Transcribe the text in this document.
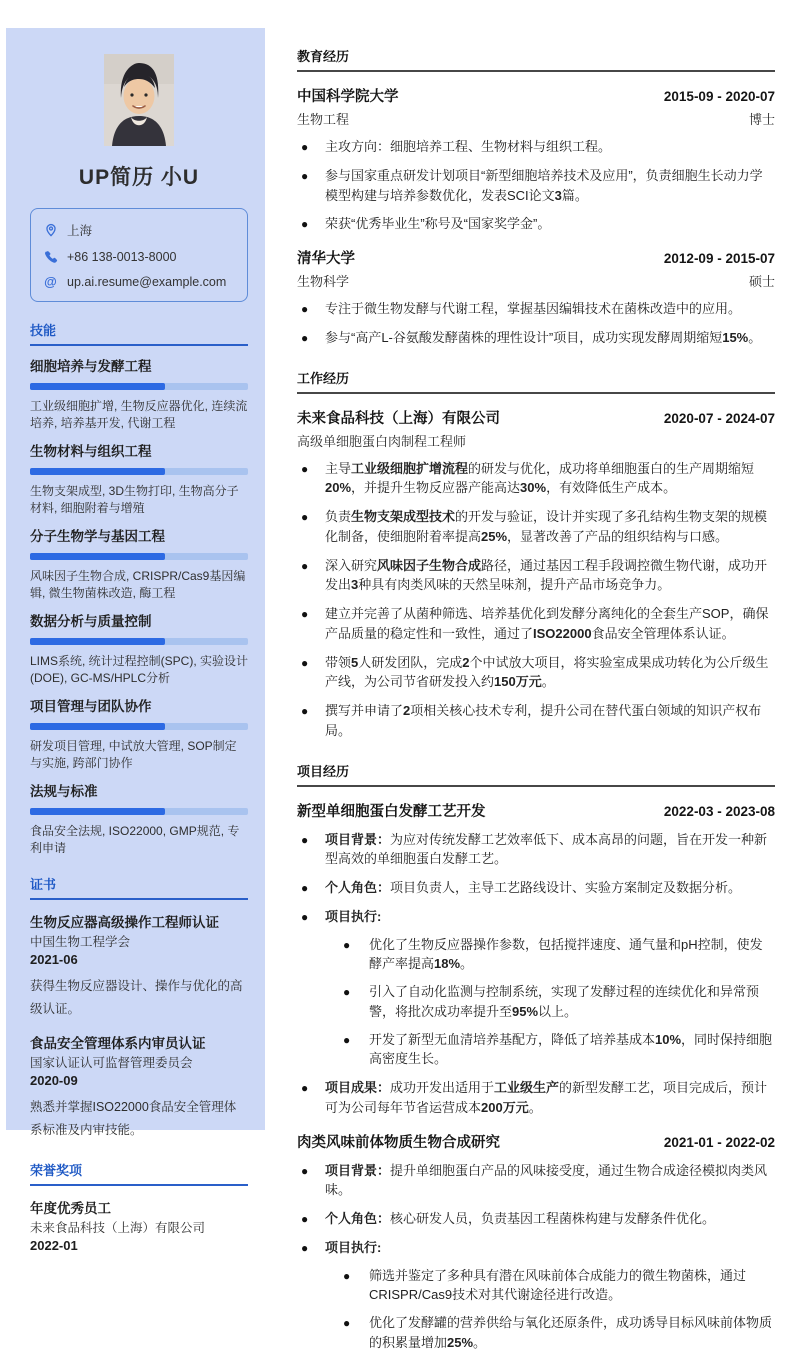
UP简历 小U
上海
+86 138-0013-8000
@ up.ai.resume@example.com
技能
细胞培养与发酵工程
工业级细胞扩增, 生物反应器优化, 连续流培养, 培养基开发, 代谢工程
生物材料与组织工程
生物支架成型, 3D生物打印, 生物高分子材料, 细胞附着与增殖
分子生物学与基因工程
风味因子生物合成, CRISPR/Cas9基因编辑, 微生物菌株改造, 酶工程
数据分析与质量控制
LIMS系统, 统计过程控制(SPC), 实验设计(DOE), GC-MS/HPLC分析
项目管理与团队协作
研发项目管理, 中试放大管理, SOP制定与实施, 跨部门协作
法规与标准
食品安全法规, ISO22000, GMP规范, 专利申请
证书
生物反应器高级操作工程师认证
中国生物工程学会
2021-06
获得生物反应器设计、操作与优化的高级认证。
食品安全管理体系内审员认证
国家认证认可监督管理委员会
2020-09
熟悉并掌握ISO22000食品安全管理体系标准及内审技能。
荣誉奖项
年度优秀员工
未来食品科技（上海）有限公司
2022-01
教育经历
中国科学院大学	2015-09 - 2020-07
生物工程	博士
●	主攻方向：细胞培养工程、生物材料与组织工程。
●	参与国家重点研发计划项目“新型细胞培养技术及应用”，负责细胞生长动力学模型构建与培养参数优化，发表SCI论文3篇。
●	荣获“优秀毕业生”称号及“国家奖学金”。
清华大学	2012-09 - 2015-07
生物科学	硕士
●	专注于微生物发酵与代谢工程，掌握基因编辑技术在菌株改造中的应用。
●	参与“高产L-谷氨酸发酵菌株的理性设计”项目，成功实现发酵周期缩短15%。
工作经历
未来食品科技（上海）有限公司	2020-07 - 2024-07
高级单细胞蛋白肉制程工程师
●	主导工业级细胞扩增流程的研发与优化，成功将单细胞蛋白的生产周期缩短20%，并提升生物反应器产能高达30%，有效降低生产成本。
●	负责生物支架成型技术的开发与验证，设计并实现了多孔结构生物支架的规模化制备，使细胞附着率提高25%，显著改善了产品的组织结构与口感。
●	深入研究风味因子生物合成路径，通过基因工程手段调控微生物代谢，成功开发出3种具有肉类风味的天然呈味剂，提升产品市场竞争力。
●	建立并完善了从菌种筛选、培养基优化到发酵分离纯化的全套生产SOP，确保产品质量的稳定性和一致性，通过了ISO22000食品安全管理体系认证。
●	带领5人研发团队，完成2个中试放大项目，将实验室成果成功转化为公斤级生产线，为公司节省研发投入约150万元。
●	撰写并申请了2项相关核心技术专利，提升公司在替代蛋白领域的知识产权布局。
项目经历
新型单细胞蛋白发酵工艺开发	2022-03 - 2023-08
●	项目背景：为应对传统发酵工艺效率低下、成本高昂的问题，旨在开发一种新型高效的单细胞蛋白发酵工艺。
●	个人角色：项目负责人，主导工艺路线设计、实验方案制定及数据分析。
●	项目执行:
●	优化了生物反应器操作参数，包括搅拌速度、通气量和pH控制，使发酵产率提高18%。
●	引入了自动化监测与控制系统，实现了发酵过程的连续优化和异常预警，将批次成功率提升至95%以上。
●	开发了新型无血清培养基配方，降低了培养基成本10%，同时保持细胞高密度生长。
●	项目成果：成功开发出适用于工业级生产的新型发酵工艺，项目完成后，预计可为公司每年节省运营成本200万元。
肉类风味前体物质生物合成研究	2021-01 - 2022-02
●	项目背景：提升单细胞蛋白产品的风味接受度，通过生物合成途径模拟肉类风味。
●	个人角色：核心研发人员，负责基因工程菌株构建与发酵条件优化。
●	项目执行:
●	筛选并鉴定了多种具有潜在风味前体合成能力的微生物菌株，通过CRISPR/Cas9技术对其代谢途径进行改造。
●	优化了发酵罐的营养供给与氧化还原条件，成功诱导目标风味前体物质的积累量增加25%。
